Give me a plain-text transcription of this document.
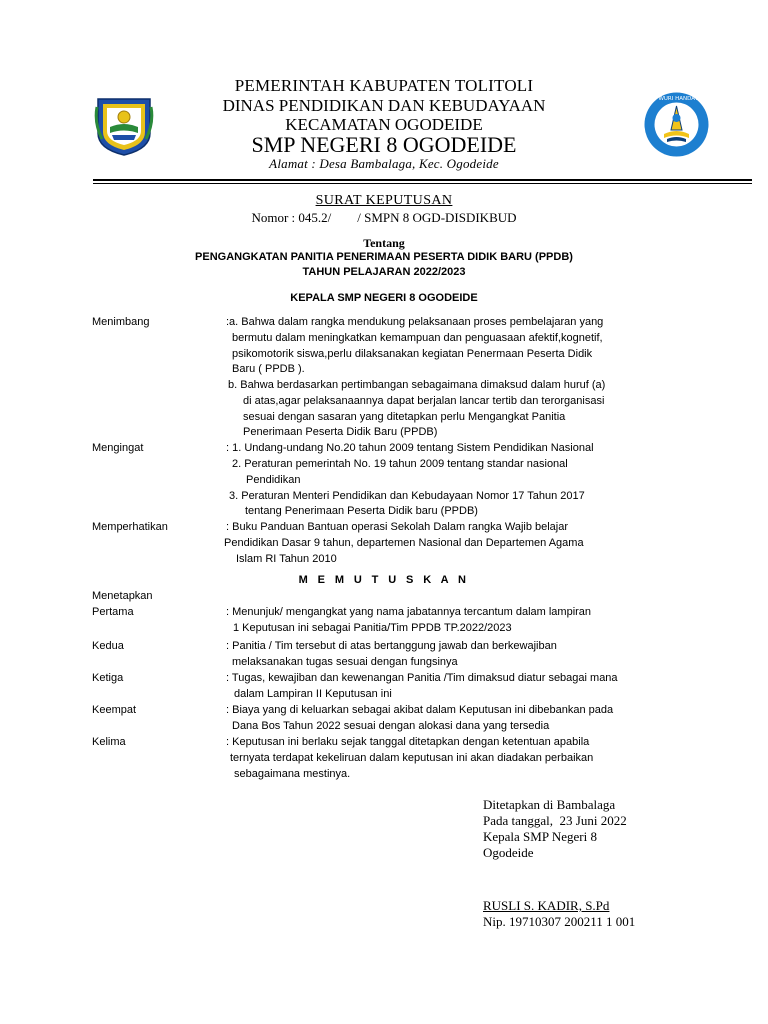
TUT WURI HANDAYANI
PEMERINTAH KABUPATEN TOLITOLI
DINAS PENDIDIKAN DAN KEBUDAYAAN
KECAMATAN OGODEIDE
SMP NEGERI 8 OGODEIDE
Alamat : Desa Bambalaga, Kec. Ogodeide
SURAT KEPUTUSAN
Nomor : 045.2/        / SMPN 8 OGD-DISDIKBUD
Tentang
PENGANGKATAN PANITIA PENERIMAAN PESERTA DIDIK BARU (PPDB)
TAHUN PELAJARAN 2022/2023
KEPALA SMP NEGERI 8 OGODEIDE
Menimbang	:a. Bahwa dalam rangka mendukung pelaksanaan proses pembelajaran yang
bermutu dalam meningkatkan kemampuan dan penguasaan afektif,kognetif,
psikomotorik siswa,perlu dilaksanakan kegiatan Penermaan Peserta Didik
Baru ( PPDB ).
b. Bahwa berdasarkan pertimbangan sebagaimana dimaksud dalam huruf (a)
di atas,agar pelaksanaannya dapat berjalan lancar tertib dan terorganisasi
sesuai dengan sasaran yang ditetapkan perlu Mengangkat Panitia
Penerimaan Peserta Didik Baru (PPDB)
Mengingat	: 1. Undang-undang No.20 tahun 2009 tentang Sistem Pendidikan Nasional
2. Peraturan pemerintah No. 19 tahun 2009 tentang standar nasional
Pendidikan
3. Peraturan Menteri Pendidikan dan Kebudayaan Nomor 17 Tahun 2017
tentang Penerimaan Peserta Didik baru (PPDB)
Memperhatikan	: Buku Panduan Bantuan operasi Sekolah Dalam rangka Wajib belajar
Pendidikan Dasar 9 tahun, departemen Nasional dan Departemen Agama
Islam RI Tahun 2010
M E M U T U S K A N
Menetapkan
Pertama	: Menunjuk/ mengangkat yang nama jabatannya tercantum dalam lampiran
1 Keputusan ini sebagai Panitia/Tim PPDB TP.2022/2023
Kedua	: Panitia / Tim tersebut di atas bertanggung jawab dan berkewajiban
melaksanakan tugas sesuai dengan fungsinya
Ketiga	: Tugas, kewajiban dan kewenangan Panitia /Tim dimaksud diatur sebagai mana
dalam Lampiran II Keputusan ini
Keempat	: Biaya yang di keluarkan sebagai akibat dalam Keputusan ini dibebankan pada
Dana Bos Tahun 2022 sesuai dengan alokasi dana yang tersedia
Kelima	: Keputusan ini berlaku sejak tanggal ditetapkan dengan ketentuan apabila
ternyata terdapat kekeliruan dalam keputusan ini akan diadakan perbaikan
sebagaimana mestinya.
Ditetapkan di Bambalaga
Pada tanggal,  23 Juni 2022
Kepala SMP Negeri 8
Ogodeide
RUSLI S. KADIR, S.Pd
Nip. 19710307 200211 1 001
